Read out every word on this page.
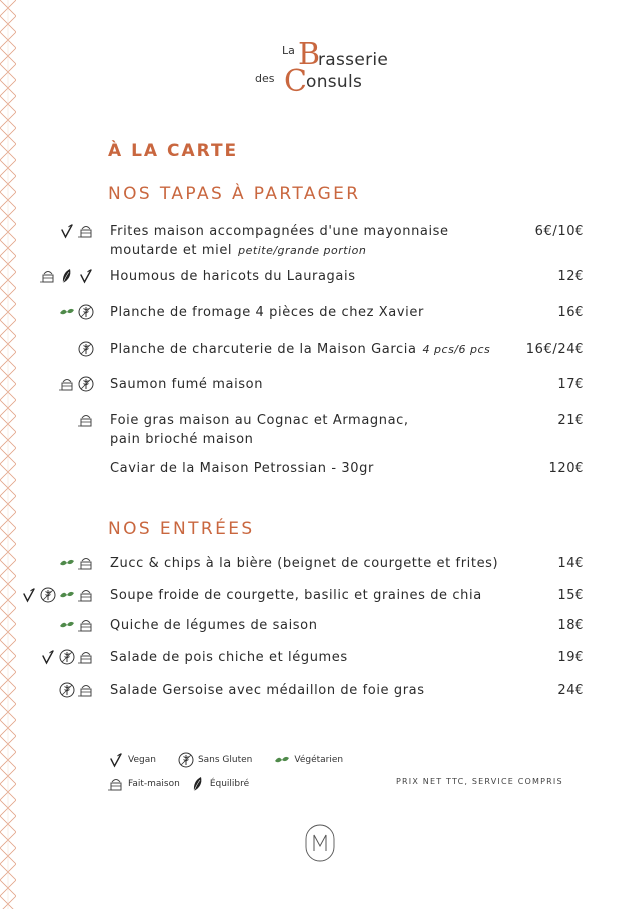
La B
rasserie
des C onsuls
À LA CARTE
NOS TAPAS À PARTAGER
Frites maison accompagnées d'une mayonnaise
moutarde et miel petite/grande portion
6€/10€
Houmous de haricots du Lauragais	12€
Planche de fromage 4 pièces de chez Xavier	16€
Planche de charcuterie de la Maison Garcia 4 pcs/6 pcs	16€/24€
Saumon fumé maison	17€
Foie gras maison au Cognac et Armagnac,
pain brioché maison
21€
Caviar de la Maison Petrossian - 30gr	120€
NOS ENTRÉES
Zucc & chips à la bière (beignet de courgette et frites)	14€
Soupe froide de courgette, basilic et graines de chia	15€
Quiche de légumes de saison	18€
Salade de pois chiche et légumes	19€
Salade Gersoise avec médaillon de foie gras	24€
Vegan	Sans Gluten	Végétarien
Fait-maison	Équilibré	PRIX NET TTC, SERVICE COMPRIS
